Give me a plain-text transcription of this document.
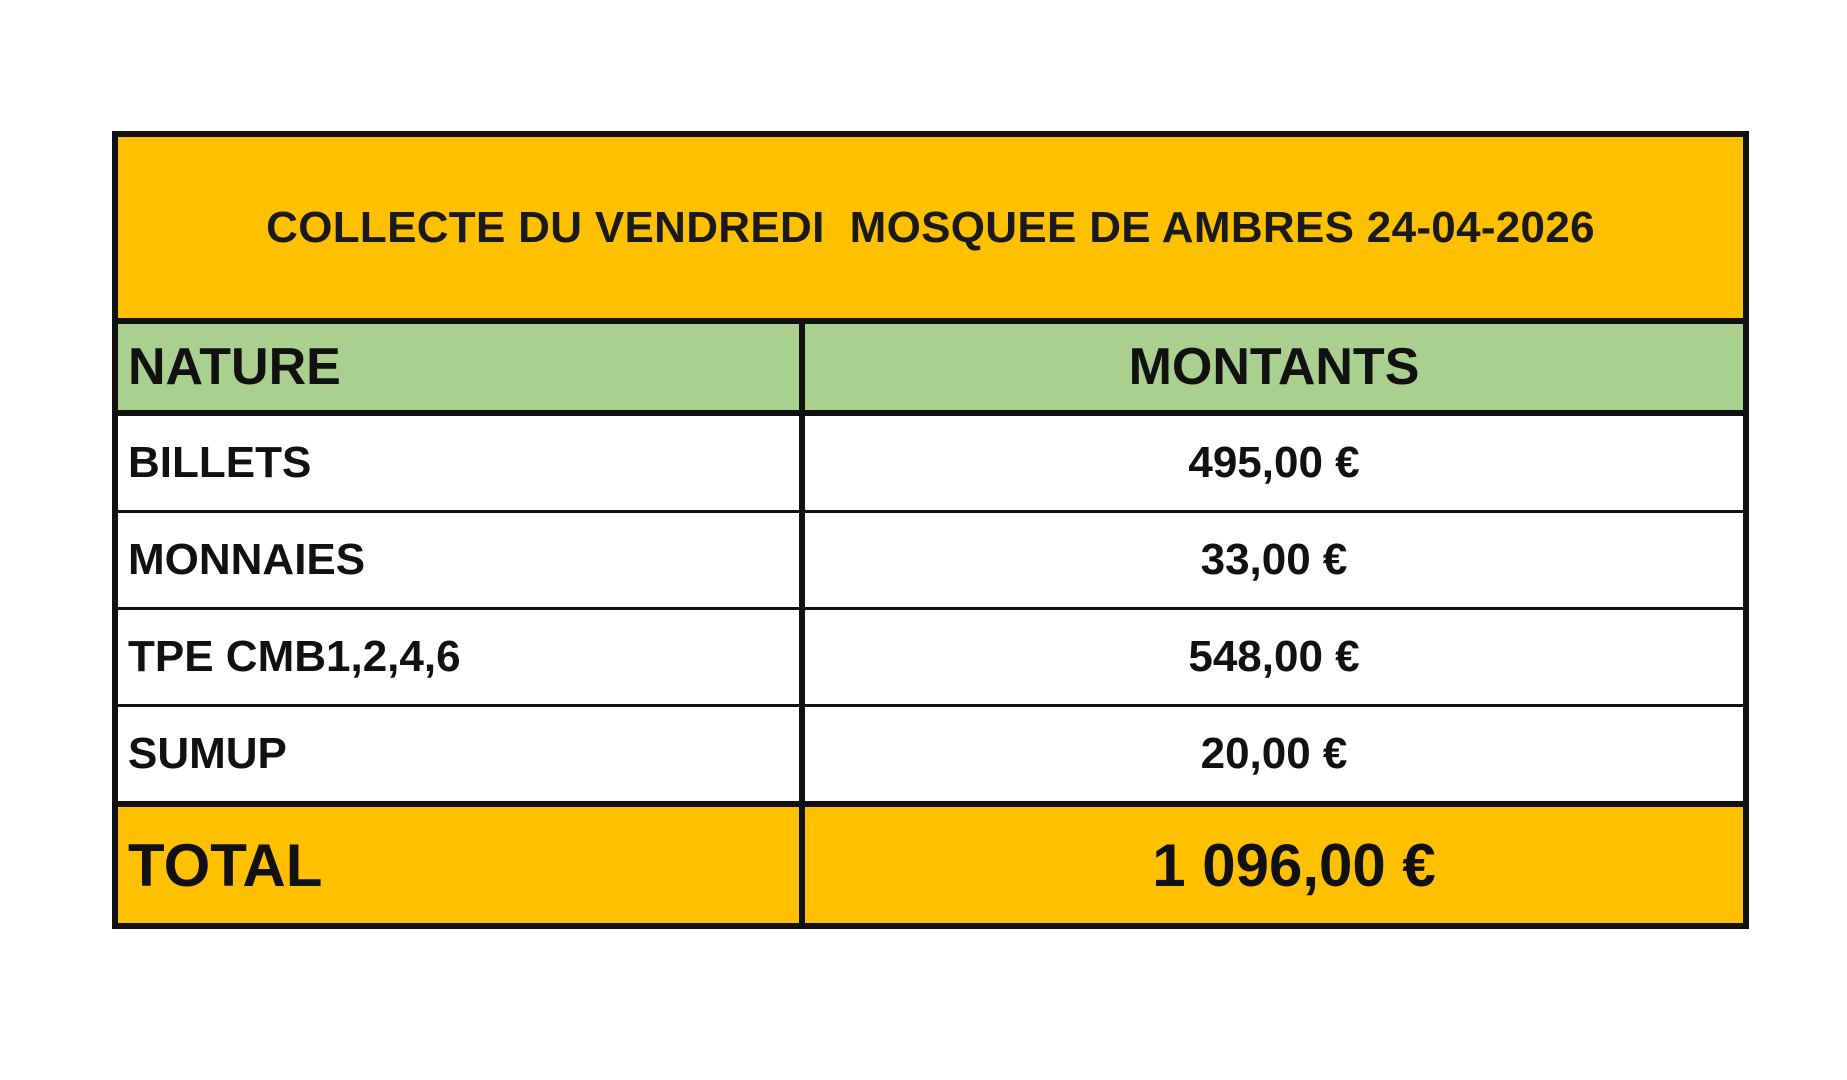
COLLECTE DU VENDREDI  MOSQUEE DE AMBRES 24-04-2026
NATURE	MONTANTS
BILLETS	495,00 €
MONNAIES	33,00 €
TPE CMB1,2,4,6	548,00 €
SUMUP	20,00 €
TOTAL	1 096,00 €
